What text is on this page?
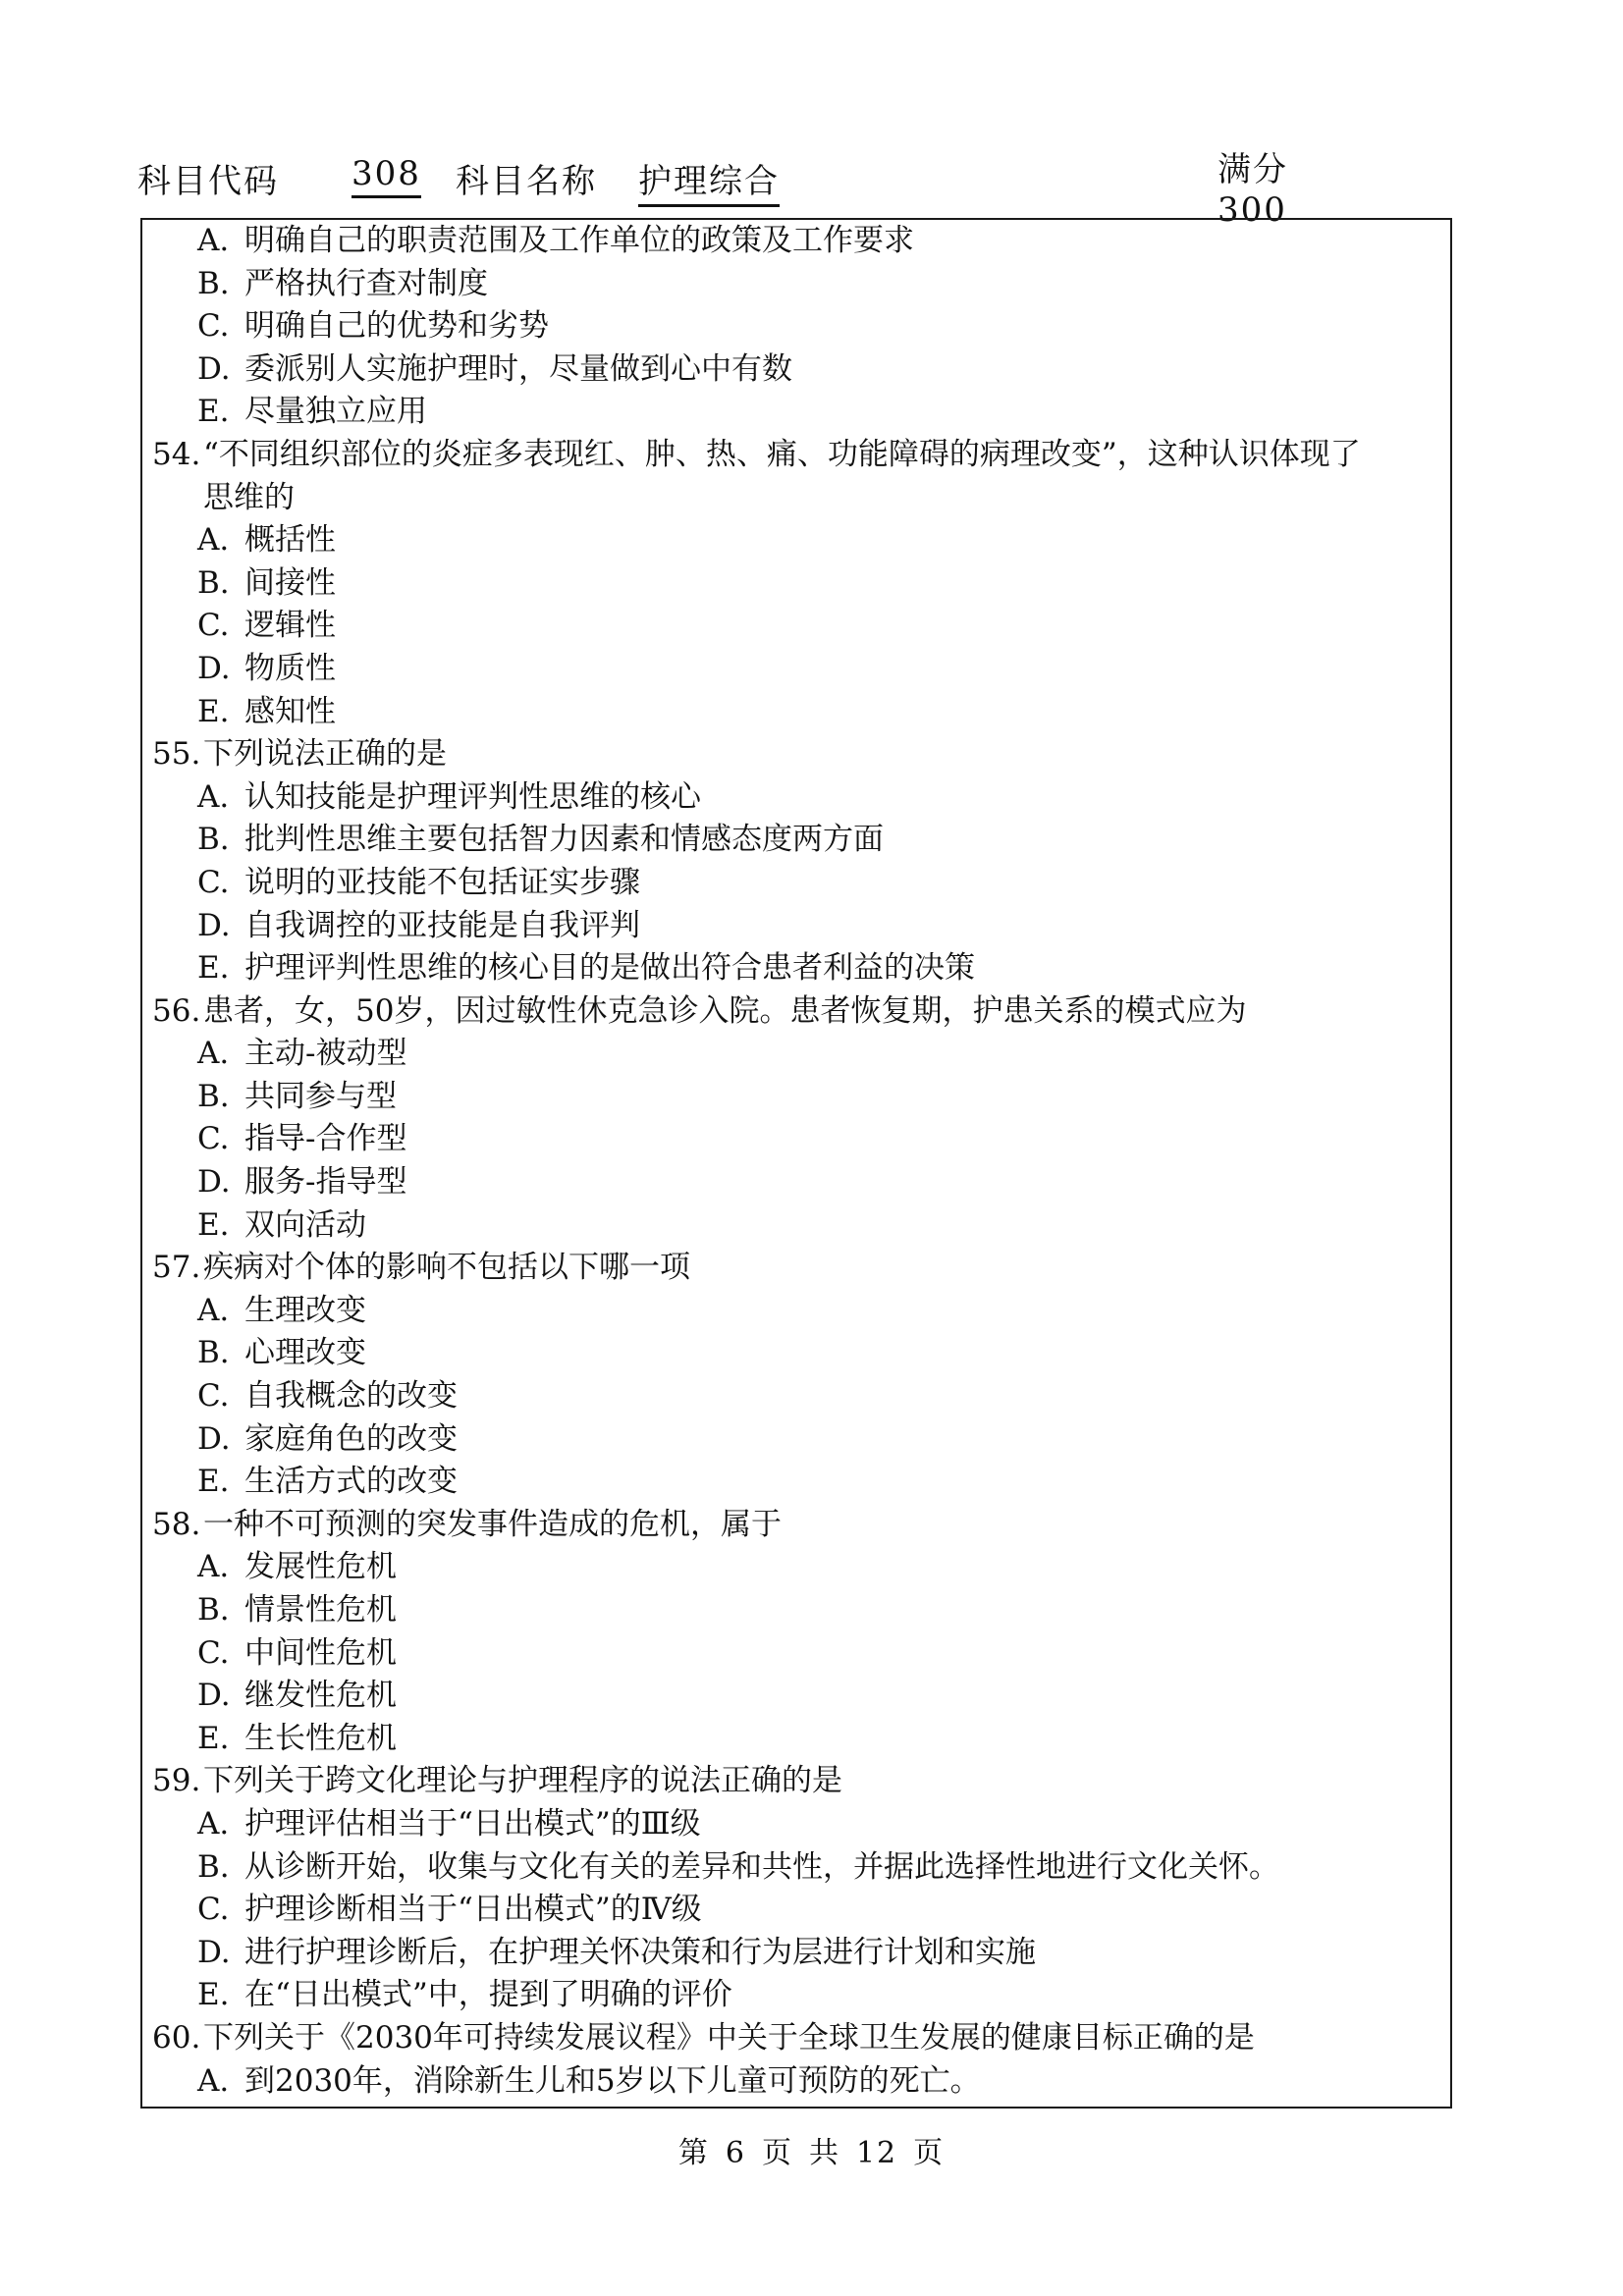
科目代码 308 科目名称 护理综合	满分300
A. 明确自己的职责范围及工作单位的政策及工作要求
B. 严格执行查对制度
C. 明确自己的优势和劣势
D. 委派别人实施护理时，尽量做到心中有数
E. 尽量独立应用
54.“不同组织部位的炎症多表现红、肿、热、痛、功能障碍的病理改变”，这种认识体现了
思维的
A. 概括性
B. 间接性
C. 逻辑性
D. 物质性
E. 感知性
55.下列说法正确的是
A. 认知技能是护理评判性思维的核心
B. 批判性思维主要包括智力因素和情感态度两方面
C. 说明的亚技能不包括证实步骤
D. 自我调控的亚技能是自我评判
E. 护理评判性思维的核心目的是做出符合患者利益的决策
56.患者，女，50岁，因过敏性休克急诊入院。患者恢复期，护患关系的模式应为
A. 主动-被动型
B. 共同参与型
C. 指导-合作型
D. 服务-指导型
E. 双向活动
57.疾病对个体的影响不包括以下哪一项
A. 生理改变
B. 心理改变
C. 自我概念的改变
D. 家庭角色的改变
E. 生活方式的改变
58.一种不可预测的突发事件造成的危机，属于
A. 发展性危机
B. 情景性危机
C. 中间性危机
D. 继发性危机
E. 生长性危机
59.下列关于跨文化理论与护理程序的说法正确的是
A. 护理评估相当于“日出模式”的Ⅲ级
B. 从诊断开始，收集与文化有关的差异和共性，并据此选择性地进行文化关怀。
C. 护理诊断相当于“日出模式”的Ⅳ级
D. 进行护理诊断后，在护理关怀决策和行为层进行计划和实施
E. 在“日出模式”中，提到了明确的评价
60.下列关于《2030年可持续发展议程》中关于全球卫生发展的健康目标正确的是
A. 到2030年，消除新生儿和5岁以下儿童可预防的死亡。
第 6 页 共 12 页
